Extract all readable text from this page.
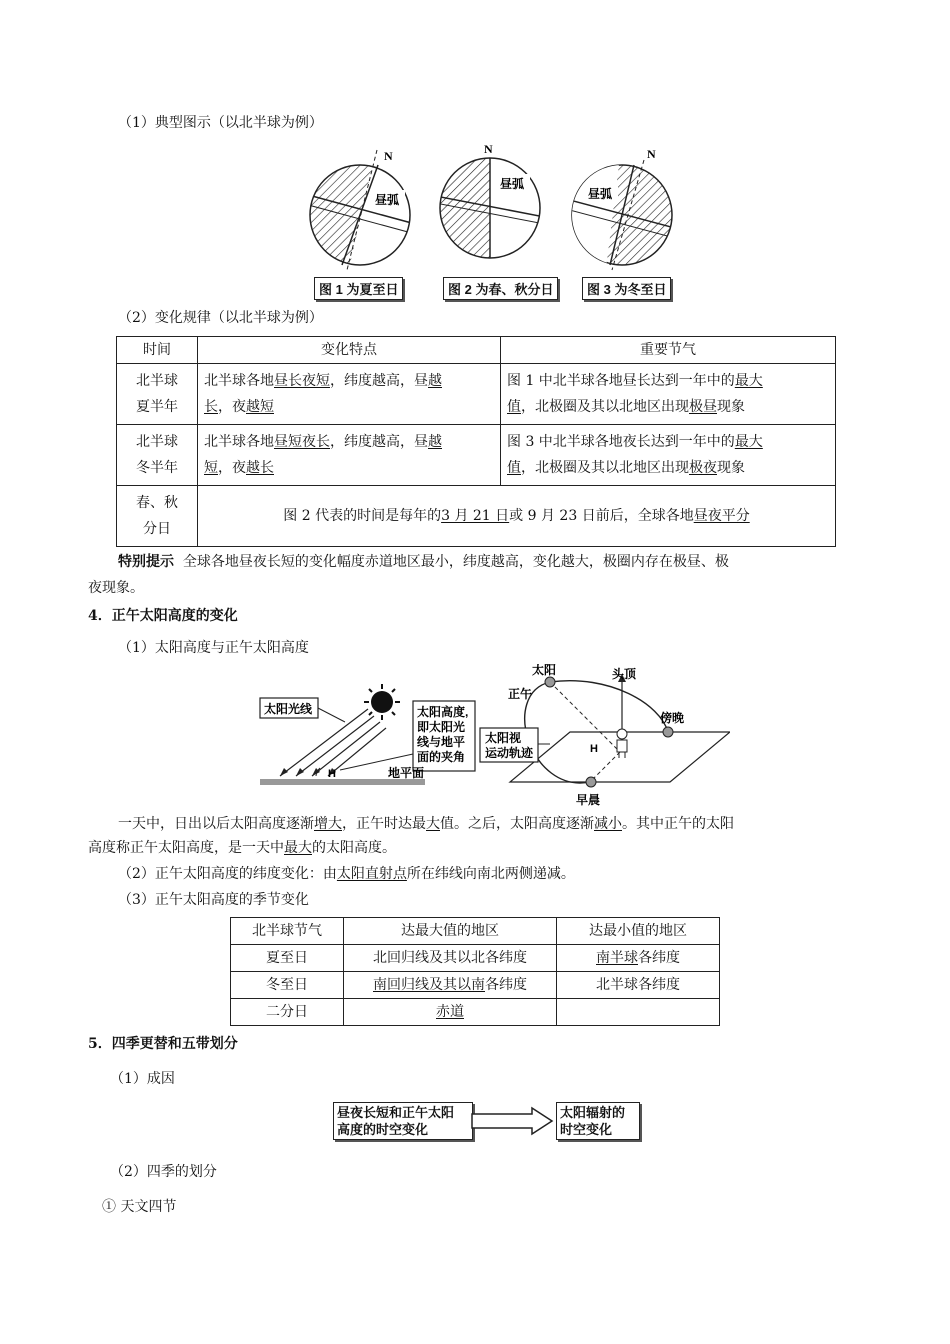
（1）典型图示（以北半球为例）
N
昼弧
N
昼弧
N
昼弧
图 1 为夏至日	图 2 为春、秋分日	图 3 为冬至日
（2）变化规律（以北半球为例）
时间	变化特点	重要节气
北半球
夏半年	北半球各地昼长夜短，纬度越高，昼越
长，夜越短	图 1 中北半球各地昼长达到一年中的最大
值，北极圈及其以北地区出现极昼现象
北半球
冬半年	北半球各地昼短夜长，纬度越高，昼越
短，夜越长	图 3 中北半球各地夜长达到一年中的最大
值，北极圈及其以北地区出现极夜现象
春、秋
分日	图 2 代表的时间是每年的3 月 21 日或 9 月 23 日前后，全球各地昼夜平分	
特别提示 全球各地昼夜长短的变化幅度赤道地区最小，纬度越高，变化越大，极圈内存在极昼、极
夜现象。
4．正午太阳高度的变化
（1）太阳高度与正午太阳高度
太阳光线	太阳高度,
即太阳光
线与地平
面的夹角
H	地平面
H
太阳
正午
头顶
傍晚
早晨
太阳视
运动轨迹
一天中，日出以后太阳高度逐渐增大，正午时达最大值。之后，太阳高度逐渐减小。其中正午的太阳
高度称正午太阳高度，是一天中最大的太阳高度。
（2）正午太阳高度的纬度变化：由太阳直射点所在纬线向南北两侧递减。
（3）正午太阳高度的季节变化
北半球节气	达最大值的地区	达最小值的地区
夏至日	北回归线及其以北各纬度	南半球各纬度
冬至日	南回归线及其以南各纬度	北半球各纬度
二分日	赤道	
5．四季更替和五带划分
（1）成因
昼夜长短和正午太阳
高度的时空变化
太阳辐射的
时空变化
（2）四季的划分
① 天文四节
